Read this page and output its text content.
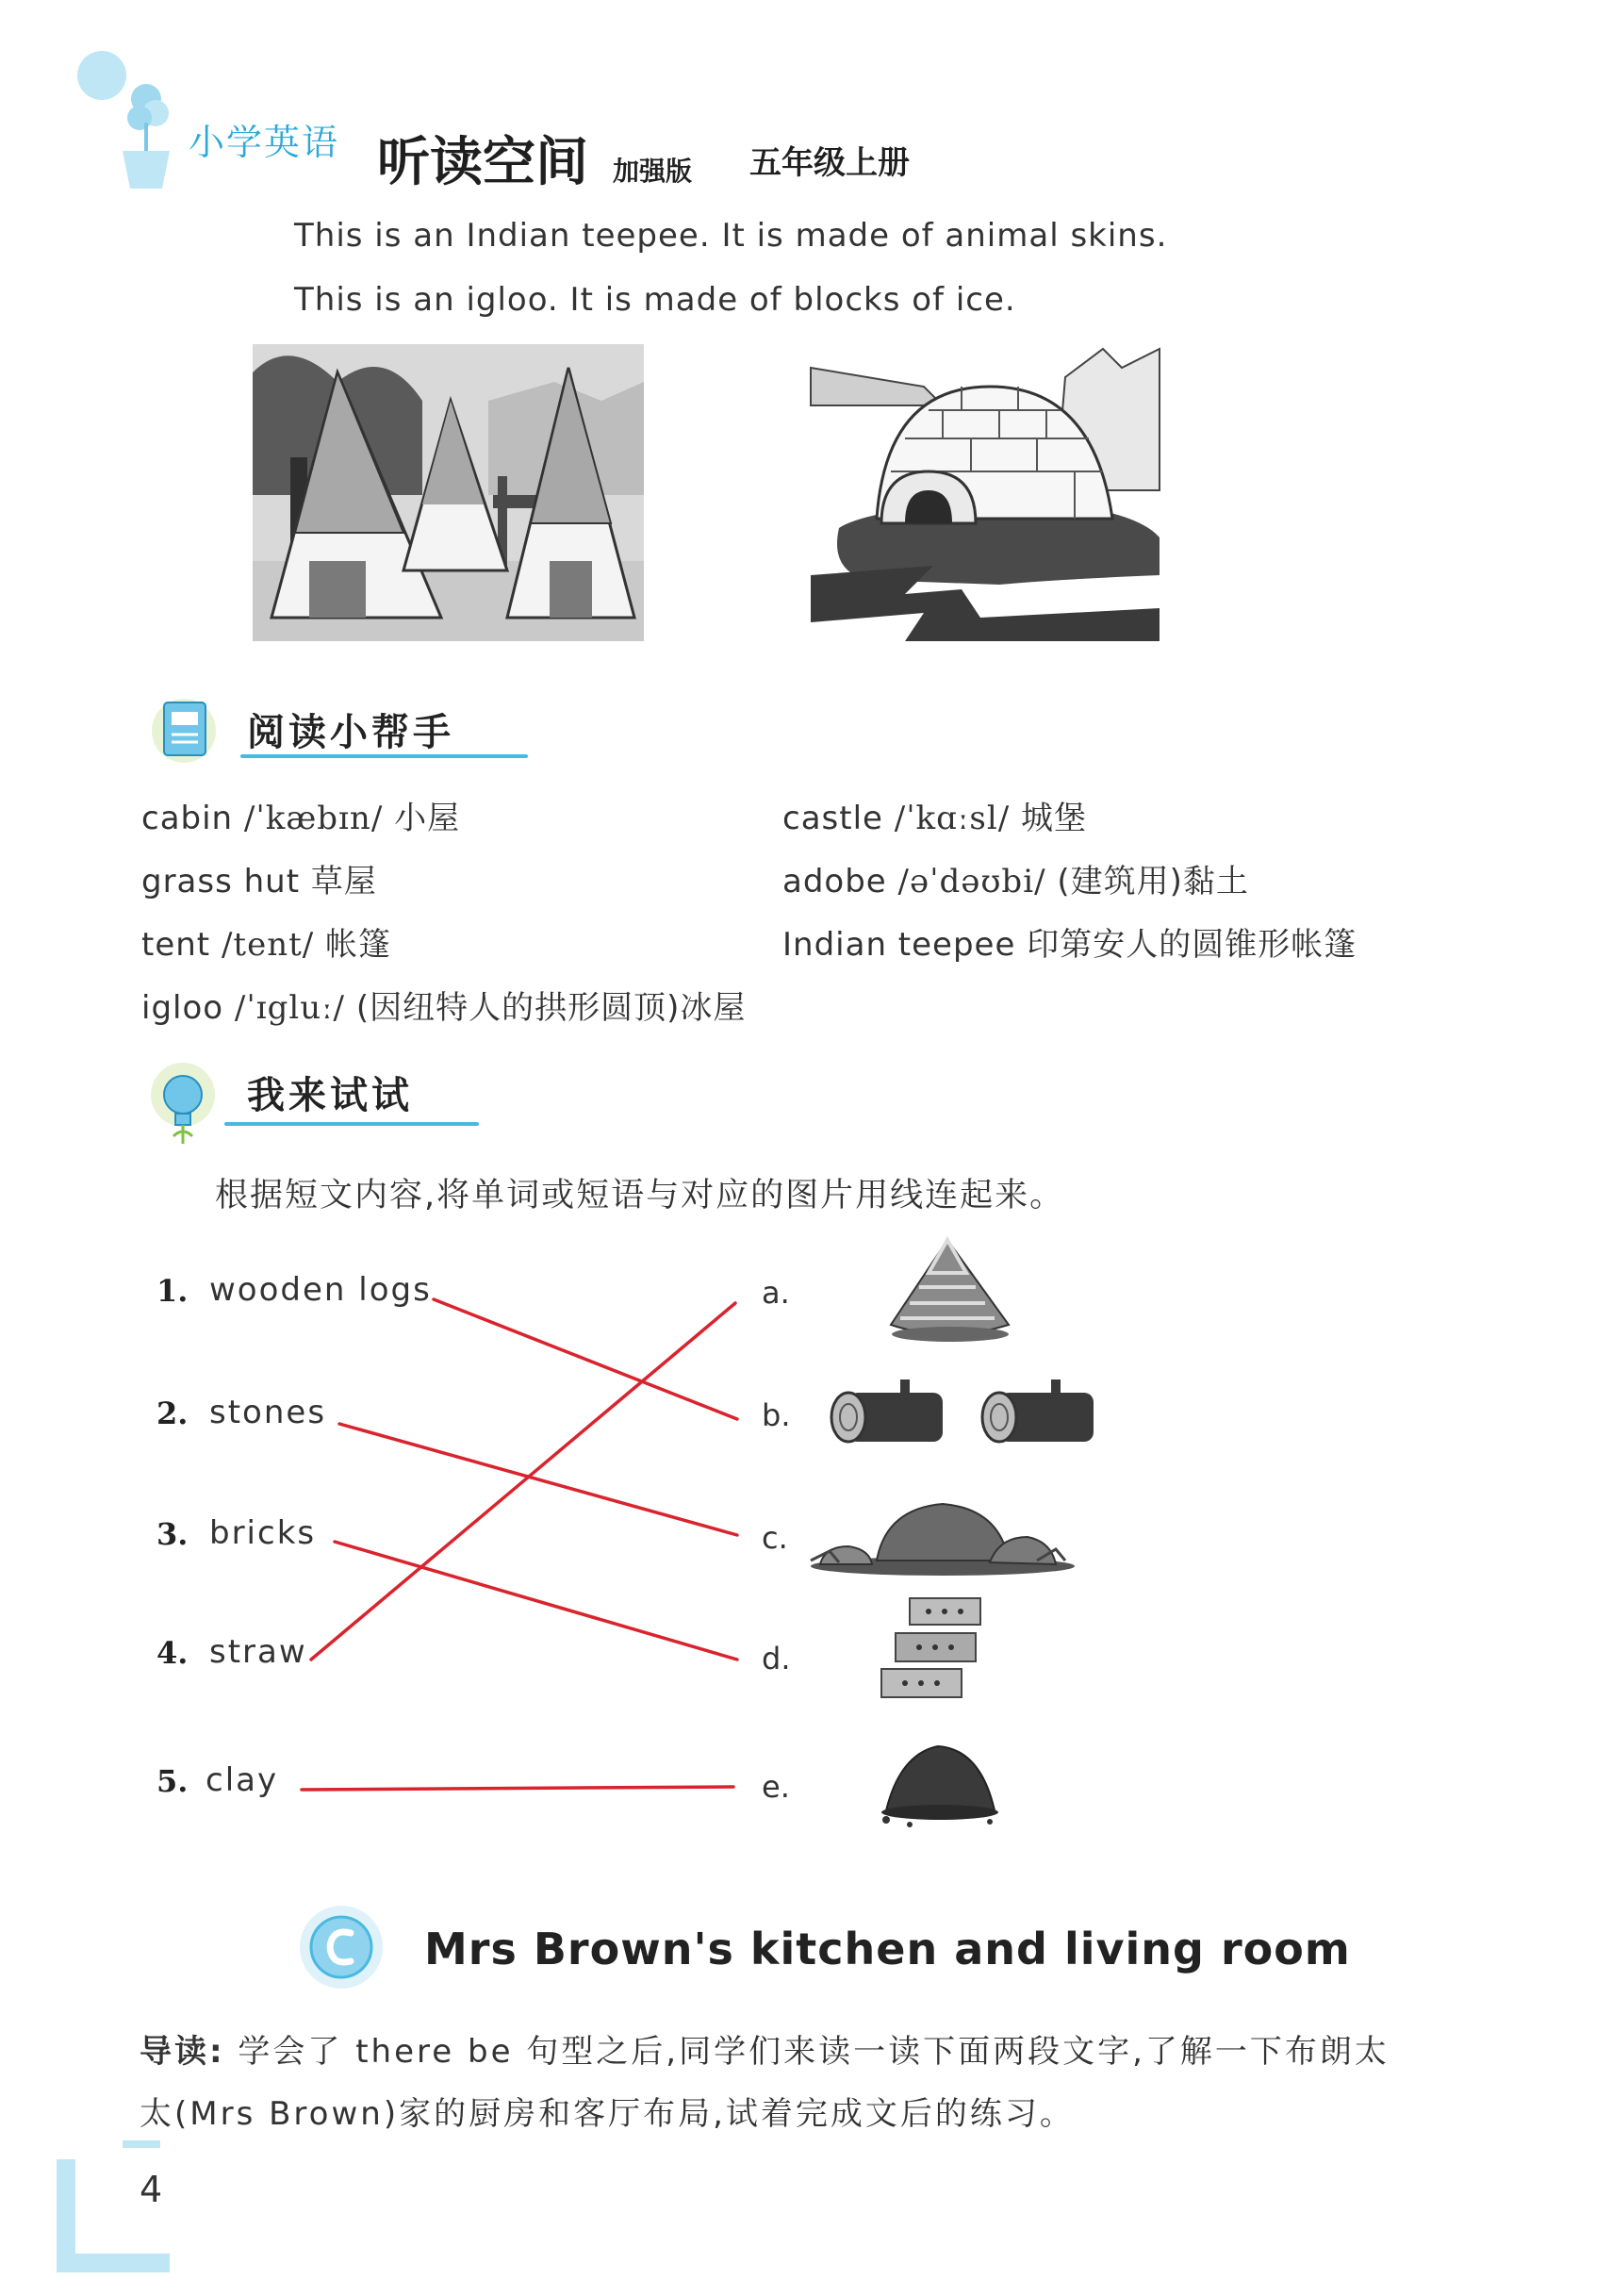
小学英语 听读空间 加强版 五年级上册
This is an Indian teepee. It is made of animal skins.
This is an igloo. It is made of blocks of ice.
阅读小帮手
cabin /ˈkæbɪn/ 小屋	castle /ˈkɑːsl/ 城堡
grass hut 草屋	adobe /əˈdəʊbi/ (建筑用)黏土
tent /tent/ 帐篷	Indian teepee 印第安人的圆锥形帐篷
igloo /ˈɪgluː/ (因纽特人的拱形圆顶)冰屋
我来试试
根据短文内容,将单词或短语与对应的图片用线连起来。
1. wooden logs
2. stones
3. bricks
4. straw
5. clay
a.
b.
c.
d.
e.
Mrs Brown's kitchen and living room
导读: 学会了 there be 句型之后,同学们来读一读下面两段文字,了解一下布朗太
太(Mrs Brown)家的厨房和客厅布局,试着完成文后的练习。
4
